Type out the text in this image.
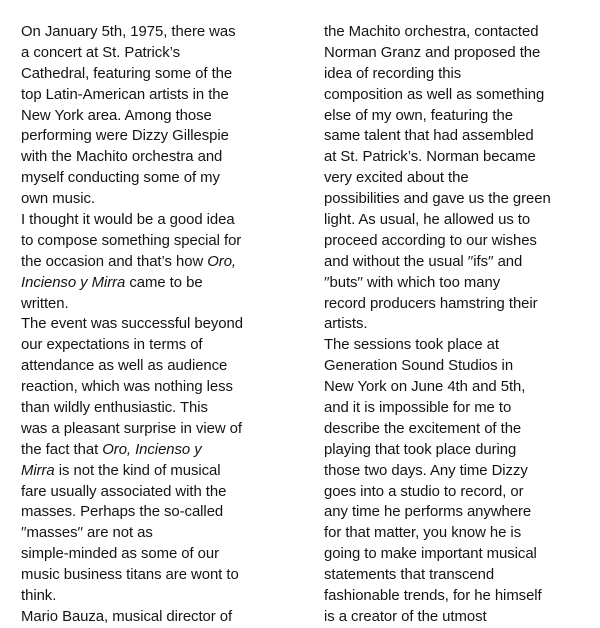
On January 5th, 1975, there was
a concert at St. Patrick’s
Cathedral, featuring some of the
top Latin-American artists in the
New York area. Among those
performing were Dizzy Gillespie
with the Machito orchestra and
myself conducting some of my
own music.
I thought it would be a good idea
to compose something special for
the occasion and that’s how Oro,
Incienso y Mirra came to be
written.
The event was successful beyond
our expectations in terms of
attendance as well as audience
reaction, which was nothing less
than wildly enthusiastic. This
was a pleasant surprise in view of
the fact that Oro, Incienso y
Mirra is not the kind of musical
fare usually associated with the
masses. Perhaps the so-called
′′masses′′ are not as
simple-minded as some of our
music business titans are wont to
think.
Mario Bauza, musical director of
the Machito orchestra, contacted
Norman Granz and proposed the
idea of recording this
composition as well as something
else of my own, featuring the
same talent that had assembled
at St. Patrick’s. Norman became
very excited about the
possibilities and gave us the green
light. As usual, he allowed us to
proceed according to our wishes
and without the usual ′′ifs′′ and
′′buts′′ with which too many
record producers hamstring their
artists.
The sessions took place at
Generation Sound Studios in
New York on June 4th and 5th,
and it is impossible for me to
describe the excitement of the
playing that took place during
those two days. Any time Dizzy
goes into a studio to record, or
any time he performs anywhere
for that matter, you know he is
going to make important musical
statements that transcend
fashionable trends, for he himself
is a creator of the utmost
